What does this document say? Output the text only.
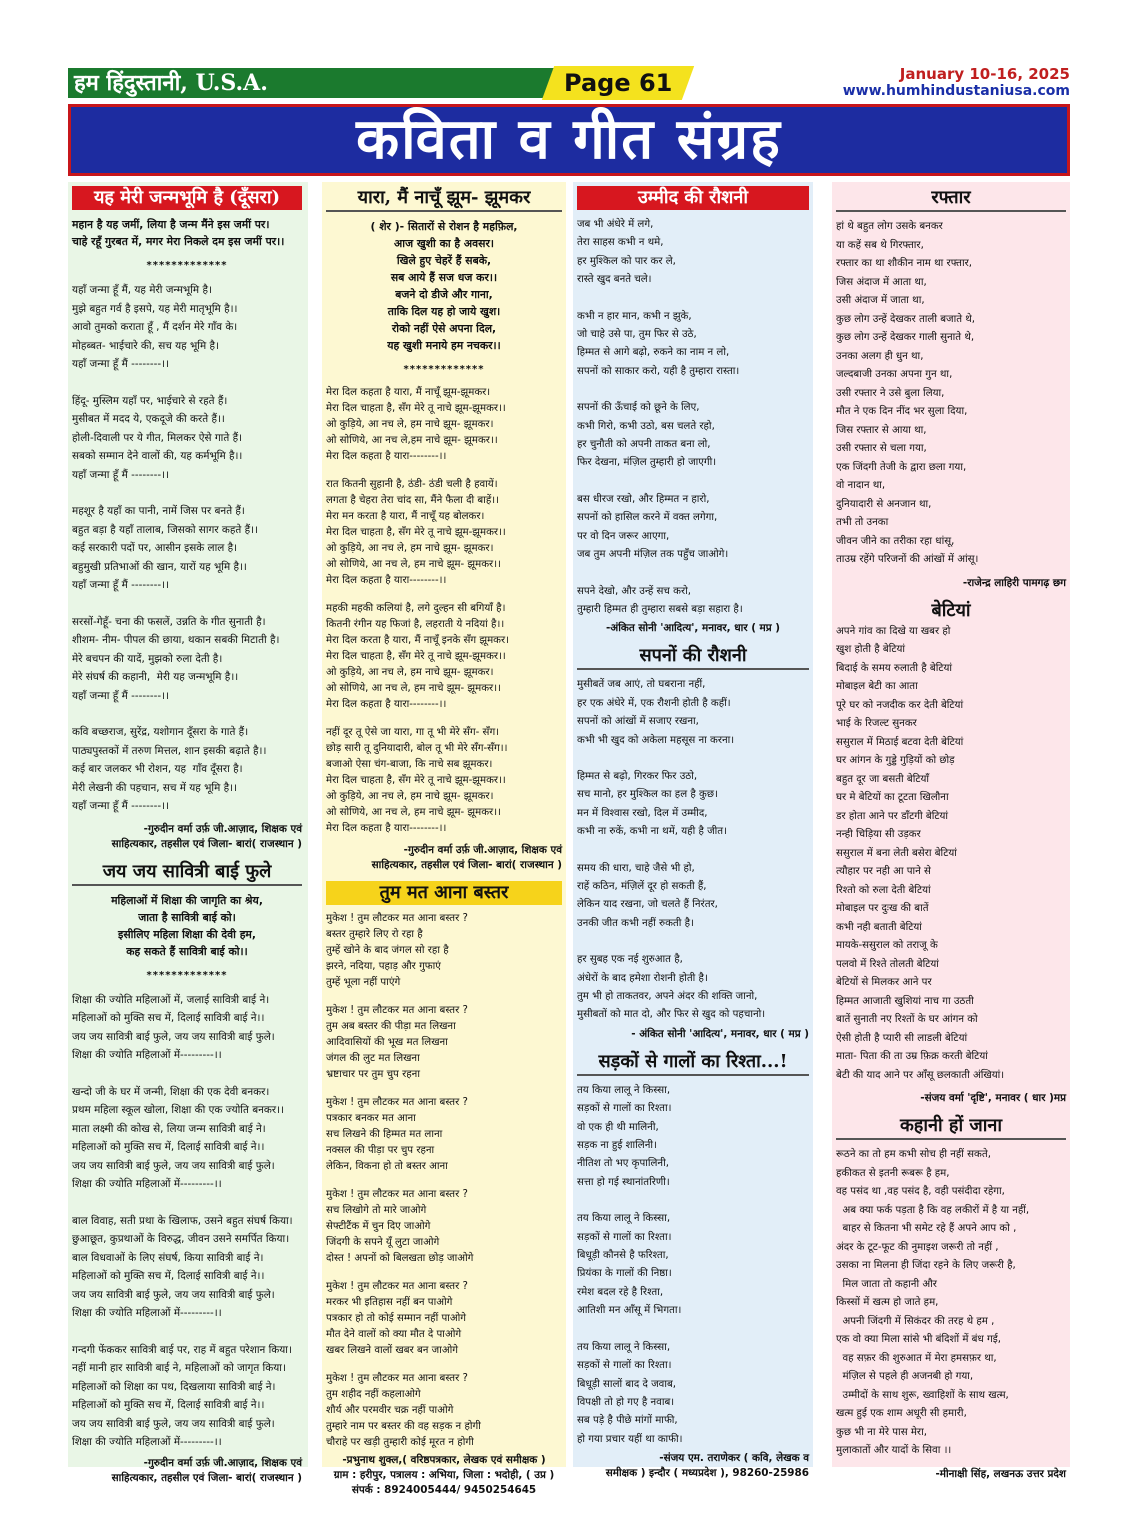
हम हिंदुस्तानी, U.S.A.	Page 61	January 10-16, 2025
www.humhindustaniusa.com
कविता व गीत संग्रह
यह मेरी जन्मभूमि है (दूँसरा)
महान है यह जमीं, लिया है जन्म मैंने इस जमीं पर।
चाहे रहूँ गुरबत में, मगर मेरा निकले दम इस जमीं पर।।
*************
यहाँ जन्मा हूँ मैं, यह मेरी जन्मभूमि है।
मुझे बहुत गर्व है इसपे, यह मेरी मातृभूमि है।।
आवो तुमको कराता हूँ , मैं दर्शन मेरे गाँव के।
मोहब्बत- भाईचारे की, सच यह भूमि है।
यहाँ जन्मा हूँ मैं --------।।
हिंदू- मुस्लिम यहाँ पर, भाईचारे से रहते हैं।
मुसीबत में मदद ये, एकदूजे की करते हैं।।
होली-दिवाली पर ये गीत, मिलकर ऐसे गाते हैं।
सबको सम्मान देने वालों की, यह कर्मभूमि है।।
यहाँ जन्मा हूँ मैं --------।।
महशूर है यहाँ का पानी, नामें जिस पर बनते हैं।
बहुत बड़ा है यहाँ तालाब, जिसको सागर कहते हैं।।
कई सरकारी पदों पर, आसीन इसके लाल है।
बहुमुखी प्रतिभाओं की खान, यारों यह भूमि है।।
यहाँ जन्मा हूँ मैं --------।।
सरसों-गेहूँ- चना की फसलें, उन्नति के गीत सुनाती है।
शीशम- नीम- पीपल की छाया, थकान सबकी मिटाती है।
मेरे बचपन की यादें, मुझको रुला देती है।
मेरे संघर्ष की कहानी,  मेरी यह जन्मभूमि है।।
यहाँ जन्मा हूँ मैं --------।।
कवि बच्छराज, सुरेंद्र, यशोगान दूँसरा के गाते हैं।
पाठ्यपुस्तकों में तरुण मित्तल, शान इसकी बढ़ाते है।।
कई बार जलकर भी रोशन, यह  गाँव दूँसरा है।
मेरी लेखनी की पहचान, सच में यह भूमि है।।
यहाँ जन्मा हूँ मैं --------।।
-गुरुदीन वर्मा उर्फ़ जी.आज़ाद, शिक्षक एवं
साहित्यकार, तहसील एवं जिला- बारां( राजस्थान )
जय जय सावित्री बाई फुले
महिलाओं में शिक्षा की जागृति का श्रेय,
जाता है सावित्री बाई को।
इसीलिए महिला शिक्षा की देवी हम,
कह सकते हैं सावित्री बाई को।।
*************
शिक्षा की ज्योति महिलाओं में, जलाई सावित्री बाई ने।
महिलाओं को मुक्ति सच में, दिलाई सावित्री बाई ने।।
जय जय सावित्री बाई फुले, जय जय सावित्री बाई फुले।
शिक्षा की ज्योति महिलाओं में---------।।
खन्दो जी के घर में जन्मी, शिक्षा की एक देवी बनकर।
प्रथम महिला स्कूल खोला, शिक्षा की एक ज्योति बनकर।।
माता लक्ष्मी की कोख से, लिया जन्म सावित्री बाई ने।
महिलाओं को मुक्ति सच में, दिलाई सावित्री बाई ने।।
जय जय सावित्री बाई फुले, जय जय सावित्री बाई फुले।
शिक्षा की ज्योति महिलाओं में---------।।
बाल विवाह, सती प्रथा के खिलाफ, उसने बहुत संघर्ष किया।
छुआछूत, कुप्रथाओं के विरुद्ध, जीवन उसने समर्पित किया।
बाल विधवाओं के लिए संघर्ष, किया सावित्री बाई ने।
महिलाओं को मुक्ति सच में, दिलाई सावित्री बाई ने।।
जय जय सावित्री बाई फुले, जय जय सावित्री बाई फुले।
शिक्षा की ज्योति महिलाओं में---------।।
गन्दगी फेंककर सावित्री बाई पर, राह में बहुत परेशान किया।
नहीं मानी हार सावित्री बाई ने, महिलाओं को जागृत किया।
महिलाओं को शिक्षा का पथ, दिखलाया सावित्री बाई ने।
महिलाओं को मुक्ति सच में, दिलाई सावित्री बाई ने।।
जय जय सावित्री बाई फुले, जय जय सावित्री बाई फुले।
शिक्षा की ज्योति महिलाओं में---------।।
-गुरुदीन वर्मा उर्फ़ जी.आज़ाद, शिक्षक एवं
साहित्यकार, तहसील एवं जिला- बारां( राजस्थान )
यारा, मैं नाचूँ झूम- झूमकर
( शेर )- सितारों से रोशन है महफ़िल,
आज खुशी का है अवसर।
खिले हुए चेहरें हैं सबके,
सब आये हैं सज धज कर।।
बजने दो डीजे और गाना,
ताकि दिल यह हो जाये खुश।
रोको नहीं ऐसे अपना दिल,
यह खुशी मनाये हम नचकर।।
*************
मेरा दिल कहता है यारा, मैं नाचूँ झूम-झूमकर।
मेरा दिल चाहता है, सँग मेरे तू नाचे झूम-झूमकर।।
ओ कुड़िये, आ नच ले, हम नाचे झूम- झूमकर।
ओ सोणिये, आ नच ले,हम नाचे झूम- झूमकर।।
मेरा दिल कहता है यारा--------।।
रात कितनी सुहानी है, ठंडी- ठंडी चली है हवायें।
लगता है चेहरा तेरा चांद सा, मैंने फैला दी बाहें।।
मेरा मन करता है यारा, मैं नाचूँ यह बोलकर।
मेरा दिल चाहता है, सँग मेरे तू नाचे झूम-झूमकर।।
ओ कुड़िये, आ नच ले, हम नाचे झूम- झूमकर।
ओ सोणिये, आ नच ले, हम नाचे झूम- झूमकर।।
मेरा दिल कहता है यारा--------।।
महकी महकी कलियां है, लगे दुल्हन सी बगियाँ है।
कितनी रंगीन यह फिजां है, लहराती ये नदियां है।।
मेरा दिल करता है यारा, मैं नाचूँ इनके सँग झूमकर।
मेरा दिल चाहता है, सँग मेरे तू नाचे झूम-झूमकर।।
ओ कुड़िये, आ नच ले, हम नाचे झूम- झूमकर।
ओ सोणिये, आ नच ले, हम नाचे झूम- झूमकर।।
मेरा दिल कहता है यारा--------।।
नहीं दूर तू ऐसे जा यारा, गा तू भी मेरे सँग- सँग।
छोड़ सारी तू दुनियादारी, बोल तू भी मेरे सँग-सँग।।
बजाओ ऐसा चंग-बाजा, कि नाचे सब झूमकर।
मेरा दिल चाहता है, सँग मेरे तू नाचे झूम-झूमकर।।
ओ कुड़िये, आ नच ले, हम नाचे झूम- झूमकर।
ओ सोणिये, आ नच ले, हम नाचे झूम- झूमकर।।
मेरा दिल कहता है यारा--------।।
-गुरुदीन वर्मा उर्फ़ जी.आज़ाद, शिक्षक एवं
साहित्यकार, तहसील एवं जिला- बारां( राजस्थान )
तुम मत आना बस्तर
मुकेश ! तुम लौटकर मत आना बस्तर ?
बस्तर तुम्हारे लिए रो रहा है
तुम्हें खोने के बाद जंगल सो रहा है
झरने, नदिया, पहाड़ और गुफाएं
तुम्हें भूला नहीं पाएंगे
मुकेश ! तुम लौटकर मत आना बस्तर ?
तुम अब बस्तर की पीड़ा मत लिखना
आदिवासियों की भूख मत लिखना
जंगल की लुट मत लिखना
भ्रष्टाचार पर तुम चुप रहना
मुकेश ! तुम लौटकर मत आना बस्तर ?
पत्रकार बनकर मत आना
सच लिखने की हिम्मत मत लाना
नक्सल की पीड़ा पर चुप रहना
लेकिन, विकना हो तो बस्तर आना
मुकेश ! तुम लौटकर मत आना बस्तर ?
सच लिखोगे तो मारे जाओगे
सेफ्टीटैंक में चुन दिए जाओगे
जिंदगी के सपने यूँ लुटा जाओगे
दोस्त ! अपनों को बिलखता छोड़ जाओगे
मुकेश ! तुम लौटकर मत आना बस्तर ?
मरकर भी इतिहास नहीं बन पाओगे
पत्रकार हो तो कोई सम्मान नहीं पाओगे
मौत देने वालों को क्या मौत दे पाओगे
खबर लिखने वालों खबर बन जाओगे
मुकेश ! तुम लौटकर मत आना बस्तर ?
तुम शहीद नहीं कहलाओगे
शौर्य और परमवीर चक्र नहीं पाओगे
तुम्हारे नाम पर बस्तर की वह सड़क न होगी
चौराहे पर खड़ी तुम्हारी कोई मूरत न होगी
-प्रभुनाथ शुक्ल,( वरिष्ठपत्रकार, लेखक एवं समीक्षक )
ग्राम : हरीपुर, पत्रालय : अभिया, जिला : भदोही, ( उप्र )
संपर्क : 8924005444/ 9450254645
उम्मीद की रौशनी
जब भी अंधेरे में लगे,
तेरा साहस कभी न थमे,
हर मुश्किल को पार कर ले,
रास्ते खुद बनते चले।
कभी न हार मान, कभी न झुके,
जो चाहे उसे पा, तुम फिर से उठे,
हिम्मत से आगे बढ़ो, रुकने का नाम न लो,
सपनों को साकार करो, यही है तुम्हारा रास्ता।
सपनों की ऊँचाई को छूने के लिए,
कभी गिरो, कभी उठो, बस चलते रहो,
हर चुनौती को अपनी ताकत बना लो,
फिर देखना, मंज़िल तुम्हारी हो जाएगी।
बस धीरज रखो, और हिम्मत न हारो,
सपनों को हासिल करने में वक्त लगेगा,
पर वो दिन जरूर आएगा,
जब तुम अपनी मंज़िल तक पहुँच जाओगे।
सपने देखो, और उन्हें सच करो,
तुम्हारी हिम्मत ही तुम्हारा सबसे बड़ा सहारा है।
-अंकित सोनी 'आदित्य', मनावर, धार ( मप्र )
सपनों की रौशनी
मुसीबतें जब आएं, तो घबराना नहीं,
हर एक अंधेरे में, एक रौशनी होती है कहीं।
सपनों को आंखों में सजाए रखना,
कभी भी खुद को अकेला महसूस ना करना।
हिम्मत से बढ़ो, गिरकर फिर उठो,
सच मानो, हर मुश्किल का हल है कुछ।
मन में विश्वास रखो, दिल में उम्मीद,
कभी ना रुकें, कभी ना थमें, यही है जीत।
समय की धारा, चाहे जैसे भी हो,
राहें कठिन, मंज़िलें दूर हो सकती हैं,
लेकिन याद रखना, जो चलते हैं निरंतर,
उनकी जीत कभी नहीं रुकती है।
हर सुबह एक नई शुरुआत है,
अंधेरों के बाद हमेशा रोशनी होती है।
तुम भी हो ताकतवर, अपने अंदर की शक्ति जानो,
मुसीबतों को मात दो, और फिर से खुद को पहचानो।
- अंकित सोनी 'आदित्य', मनावर, धार ( मप्र )
सड़कों से गालों का रिश्ता...!
तय किया लालू ने किस्सा,
सड़कों से गालों का रिश्ता।
वो एक ही थी मालिनी,
सड़क ना हुई शालिनी।
नीतिश तो भए कृपालिनी,
सत्ता हो गई स्थानांतरिणी।
तय किया लालू ने किस्सा,
सड़कों से गालों का रिश्ता।
बिधूड़ी कौनसे है फरिश्ता,
प्रियंका के गालों की निष्ठा।
रमेश बदल रहे है रिश्ता,
आतिशी मन आँसू में भिगता।
तय किया लालू ने किस्सा,
सड़कों से गालों का रिश्ता।
बिधूड़ी सालों बाद दे जवाब,
विपक्षी तो हो गए है नवाब।
सब पड़े है पीछे मांगों माफी,
हो गया प्रचार यहीं था काफी।
-संजय एम. तराणेकर ( कवि, लेखक व
समीक्षक ) इन्दौर ( मध्यप्रदेश ), 98260-25986
रफ्तार
हां थे बहुत लोग उसके बनकर
या कहें सब थे गिरफ्तार,
रफ्तार का था शौकीन नाम था रफ्तार,
जिस अंदाज में आता था,
उसी अंदाज में जाता था,
कुछ लोग उन्हें देखकर ताली बजाते थे,
कुछ लोग उन्हें देखकर गाली सुनाते थे,
उनका अलग ही धुन था,
जल्दबाजी उनका अपना गुन था,
उसी रफ्तार ने उसे बुला लिया,
मौत ने एक दिन नींद भर सुला दिया,
जिस रफ्तार से आया था,
उसी रफ्तार से चला गया,
एक जिंदगी तेजी के द्वारा छला गया,
वो नादान था,
दुनियादारी से अनजान था,
तभी तो उनका
जीवन जीने का तरीका रहा धांसू,
ताउम्र रहेंगे परिजनों की आंखों में आंसू।
-राजेन्द्र लाहिरी पामगढ़ छग
बेटियां
अपने गांव का दिखे या खबर हो
खुश होती है बेटियां
बिदाई के समय रुलाती है बेटियां
मोबाइल बेटी का आता
पूरे घर को नजदीक कर देती बेटियां
भाई के रिजल्ट सुनकर
ससुराल में मिठाई बटवा देती बेटियां
घर आंगन के गुड्डे गुड़ियों को छोड़
बहुत दूर जा बसती बेटियाँ
घर मे बेटियों का टूटता खिलौना
डर होता आने पर डाँटगी बेटियां
नन्ही चिड़िया सी उड़कर
ससुराल में बना लेती बसेरा बेटियां
त्यौहार पर नही आ पाने से
रिश्तो को रुला देती बेटियां
मोबाइल पर दुःख की बातें
कभी नही बताती बेटियां
मायके-ससुराल को तराजू के
पलवो में रिश्ते तोलती बेटियां
बेटियों से मिलकर आने पर
हिम्मत आजाती खुशियां नाच गा उठती
बातें सुनाती नए रिश्तों के घर आंगन को
ऐसी होती है प्यारी सी लाडली बेटियां
माता- पिता की ता उम्र फ़िक्र करती बेटियां
बेटी की याद आने पर आँसू छलकाती अंखियां।
-संजय वर्मा 'दृष्टि', मनावर ( धार )मप्र
कहानी हों जाना
रूठने का तो हम कभी सोच ही नहीं सकते,
हकीकत से इतनी रूबरू है हम,
वह पसंद था ,वह पसंद है, वही पसंदीदा रहेगा,
अब क्या फर्क पड़ता है कि वह लकीरों में है या नहीं,
बाहर से कितना भी समेट रहे हैं अपने आप को ,
अंदर के टूट-फूट की नुमाइश जरूरी तो नहीं ,
उसका ना मिलना ही जिंदा रहने के लिए जरूरी है,
मिल जाता तो कहानी और
किस्सों में खत्म हो जाते हम,
अपनी जिंदगी में सिकंदर की तरह थे हम ,
एक वो क्या मिला सांसे भी बंदिशों में बंध गई,
वह सफ़र की शुरुआत में मेरा हमसफ़र था,
मंज़िल से पहले ही अजनबी हो गया,
उम्मीदों के साथ शुरू, ख्वाहिशों के साथ खत्म,
खत्म हुई एक शाम अधूरी सी हमारी,
कुछ भी ना मेरे पास मेरा,
मुलाकातों और यादों के सिवा ।।
-मीनाक्षी सिंह, लखनऊ उत्तर प्रदेश
